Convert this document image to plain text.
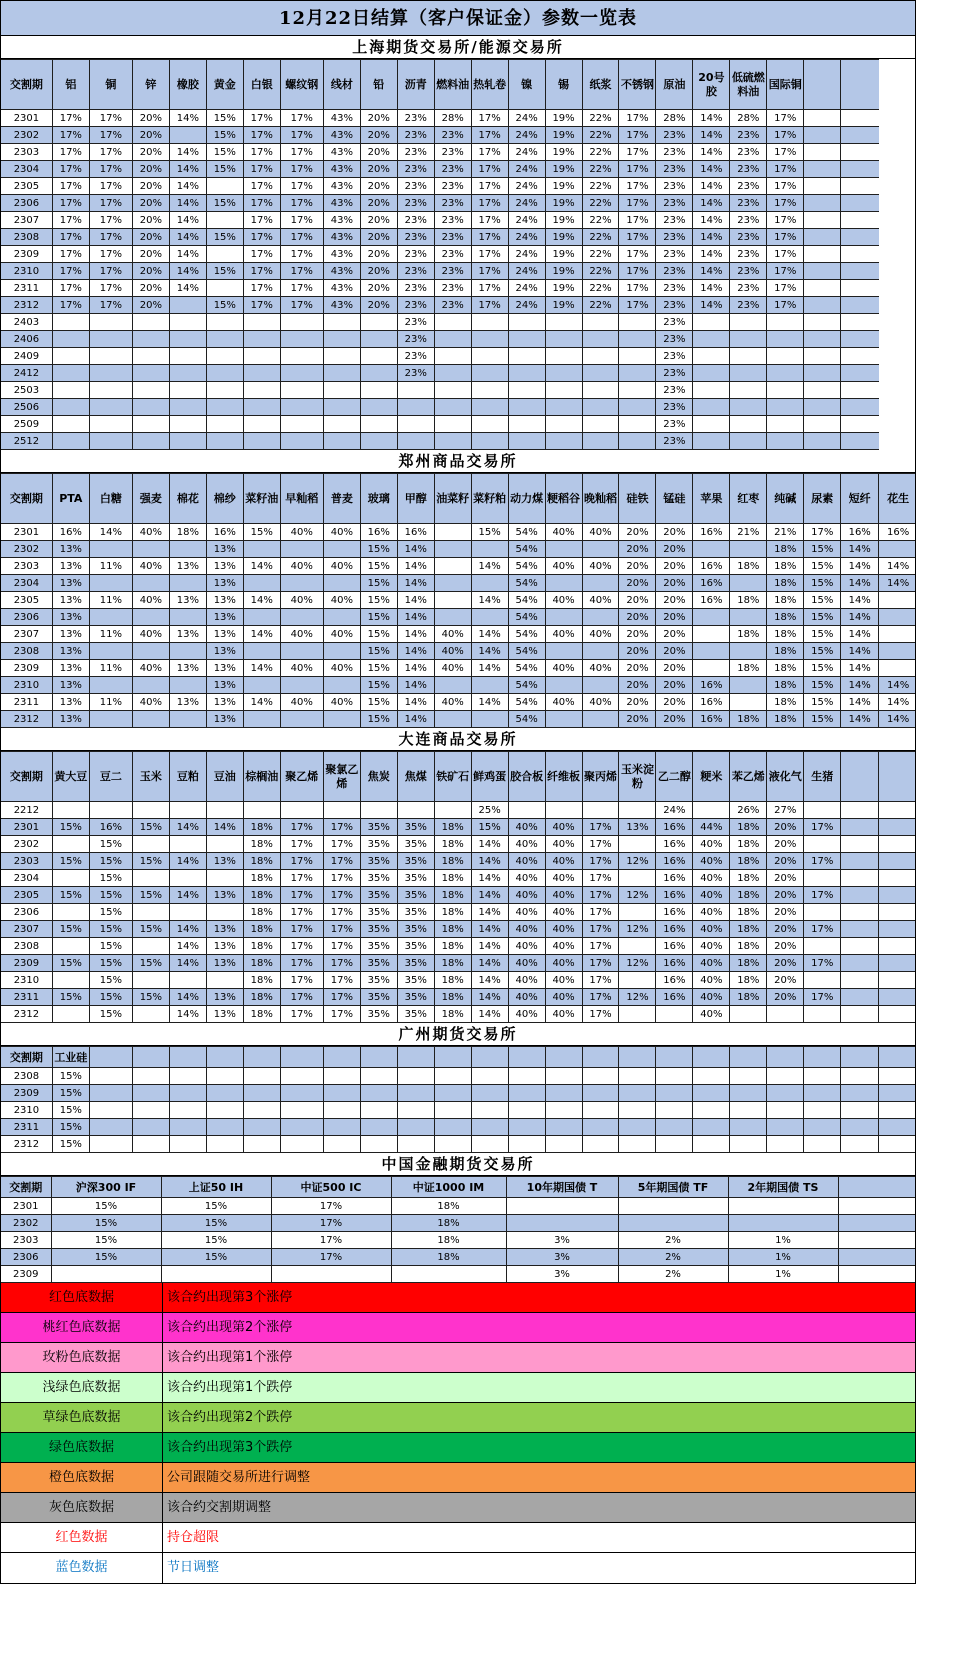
12月22日结算（客户保证金）参数一览表
上海期货交易所/能源交易所
交割期	铝	铜	锌	橡胶	黄金	白银	螺纹钢	线材	铅	沥青	燃料油	热轧卷	镍	锡	纸浆	不锈钢	原油	20号胶	低硫燃料油	国际铜		
2301	17%	17%	20%	14%	15%	17%	17%	43%	20%	23%	28%	17%	24%	19%	22%	17%	28%	14%	28%	17%		
2302	17%	17%	20%		15%	17%	17%	43%	20%	23%	23%	17%	24%	19%	22%	17%	23%	14%	23%	17%		
2303	17%	17%	20%	14%	15%	17%	17%	43%	20%	23%	23%	17%	24%	19%	22%	17%	23%	14%	23%	17%		
2304	17%	17%	20%	14%	15%	17%	17%	43%	20%	23%	23%	17%	24%	19%	22%	17%	23%	14%	23%	17%		
2305	17%	17%	20%	14%		17%	17%	43%	20%	23%	23%	17%	24%	19%	22%	17%	23%	14%	23%	17%		
2306	17%	17%	20%	14%	15%	17%	17%	43%	20%	23%	23%	17%	24%	19%	22%	17%	23%	14%	23%	17%		
2307	17%	17%	20%	14%		17%	17%	43%	20%	23%	23%	17%	24%	19%	22%	17%	23%	14%	23%	17%		
2308	17%	17%	20%	14%	15%	17%	17%	43%	20%	23%	23%	17%	24%	19%	22%	17%	23%	14%	23%	17%		
2309	17%	17%	20%	14%		17%	17%	43%	20%	23%	23%	17%	24%	19%	22%	17%	23%	14%	23%	17%		
2310	17%	17%	20%	14%	15%	17%	17%	43%	20%	23%	23%	17%	24%	19%	22%	17%	23%	14%	23%	17%		
2311	17%	17%	20%	14%		17%	17%	43%	20%	23%	23%	17%	24%	19%	22%	17%	23%	14%	23%	17%		
2312	17%	17%	20%		15%	17%	17%	43%	20%	23%	23%	17%	24%	19%	22%	17%	23%	14%	23%	17%		
2403										23%							23%					
2406										23%							23%					
2409										23%							23%					
2412										23%							23%					
2503																	23%					
2506																	23%					
2509																	23%					
2512																	23%					
郑州商品交易所
交割期	PTA	白糖	强麦	棉花	棉纱	菜籽油	早籼稻	普麦	玻璃	甲醇	油菜籽	菜籽粕	动力煤	粳稻谷	晚籼稻	硅铁	锰硅	苹果	红枣	纯碱	尿素	短纤	花生
2301	16%	14%	40%	18%	16%	15%	40%	40%	16%	16%		15%	54%	40%	40%	20%	20%	16%	21%	21%	17%	16%	16%
2302	13%				13%				15%	14%			54%			20%	20%			18%	15%	14%	
2303	13%	11%	40%	13%	13%	14%	40%	40%	15%	14%		14%	54%	40%	40%	20%	20%	16%	18%	18%	15%	14%	14%
2304	13%				13%				15%	14%			54%			20%	20%	16%		18%	15%	14%	14%
2305	13%	11%	40%	13%	13%	14%	40%	40%	15%	14%		14%	54%	40%	40%	20%	20%	16%	18%	18%	15%	14%	
2306	13%				13%				15%	14%			54%			20%	20%			18%	15%	14%	
2307	13%	11%	40%	13%	13%	14%	40%	40%	15%	14%	40%	14%	54%	40%	40%	20%	20%		18%	18%	15%	14%	
2308	13%				13%				15%	14%	40%	14%	54%			20%	20%			18%	15%	14%	
2309	13%	11%	40%	13%	13%	14%	40%	40%	15%	14%	40%	14%	54%	40%	40%	20%	20%		18%	18%	15%	14%	
2310	13%				13%				15%	14%			54%			20%	20%	16%		18%	15%	14%	14%
2311	13%	11%	40%	13%	13%	14%	40%	40%	15%	14%	40%	14%	54%	40%	40%	20%	20%	16%		18%	15%	14%	14%
2312	13%				13%				15%	14%			54%			20%	20%	16%	18%	18%	15%	14%	14%
大连商品交易所
交割期	黄大豆	豆二	玉米	豆粕	豆油	棕榈油	聚乙烯	聚氯乙烯	焦炭	焦煤	铁矿石	鲜鸡蛋	胶合板	纤维板	聚丙烯	玉米淀粉	乙二醇	粳米	苯乙烯	液化气	生猪		
2212												25%					24%		26%	27%			
2301	15%	16%	15%	14%	14%	18%	17%	17%	35%	35%	18%	15%	40%	40%	17%	13%	16%	44%	18%	20%	17%		
2302		15%				18%	17%	17%	35%	35%	18%	14%	40%	40%	17%		16%	40%	18%	20%			
2303	15%	15%	15%	14%	13%	18%	17%	17%	35%	35%	18%	14%	40%	40%	17%	12%	16%	40%	18%	20%	17%		
2304		15%				18%	17%	17%	35%	35%	18%	14%	40%	40%	17%		16%	40%	18%	20%			
2305	15%	15%	15%	14%	13%	18%	17%	17%	35%	35%	18%	14%	40%	40%	17%	12%	16%	40%	18%	20%	17%		
2306		15%				18%	17%	17%	35%	35%	18%	14%	40%	40%	17%		16%	40%	18%	20%			
2307	15%	15%	15%	14%	13%	18%	17%	17%	35%	35%	18%	14%	40%	40%	17%	12%	16%	40%	18%	20%	17%		
2308		15%		14%	13%	18%	17%	17%	35%	35%	18%	14%	40%	40%	17%		16%	40%	18%	20%			
2309	15%	15%	15%	14%	13%	18%	17%	17%	35%	35%	18%	14%	40%	40%	17%	12%	16%	40%	18%	20%	17%		
2310		15%				18%	17%	17%	35%	35%	18%	14%	40%	40%	17%		16%	40%	18%	20%			
2311	15%	15%	15%	14%	13%	18%	17%	17%	35%	35%	18%	14%	40%	40%	17%	12%	16%	40%	18%	20%	17%		
2312		15%		14%	13%	18%	17%	17%	35%	35%	18%	14%	40%	40%	17%			40%					
广州期货交易所
交割期	工业硅																						
2308	15%																						
2309	15%																						
2310	15%																						
2311	15%																						
2312	15%																						
中国金融期货交易所
交割期	沪深300 IF	上证50 IH	中证500 IC	中证1000 IM	10年期国债 T	5年期国债 TF	2年期国债 TS	
2301	15%	15%	17%	18%				
2302	15%	15%	17%	18%				
2303	15%	15%	17%	18%	3%	2%	1%	
2306	15%	15%	17%	18%	3%	2%	1%	
2309					3%	2%	1%	
红色底数据	该合约出现第3个涨停
桃红色底数据	该合约出现第2个涨停
玫粉色底数据	该合约出现第1个涨停
浅绿色底数据	该合约出现第1个跌停
草绿色底数据	该合约出现第2个跌停
绿色底数据	该合约出现第3个跌停
橙色底数据	公司跟随交易所进行调整
灰色底数据	该合约交割期调整
红色数据	持仓超限
蓝色数据	节日调整
